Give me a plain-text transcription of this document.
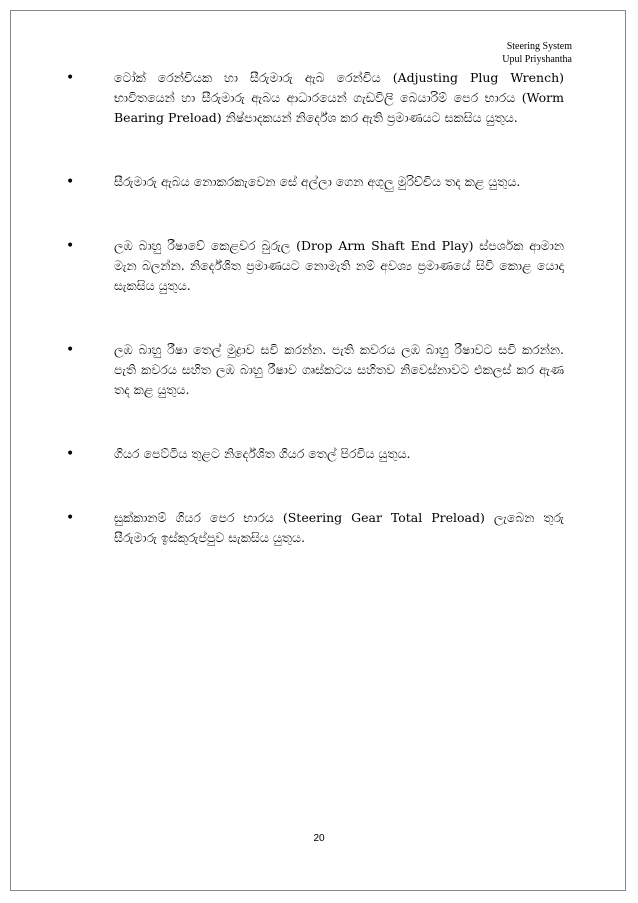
Steering System
Upul Priyshantha
•	ටෝක් රෙන්චියක හා සීරුමාරු ඇබ රෙන්චිය (Adjusting Plug Wrench) භාවිතයෙන් හා සීරුමාරු ඇබය ආධාරයෙන් ගැඩවිලි බෙයාරිම් පෙර භාරය (Worm Bearing Preload) නිෂ්පාදකයන් නිර්දේශ කර ඇති ප්‍රමාණයට සකසිය යුතුය.

•	සීරුමාරු ඇබය නොකරකැවෙන සේ අල්ලා ගෙන අගුලු මුරිච්චිය තද කළ යුතුය.

•	ලඹ බාහු රීෂාවේ කෙළවර බුරුල (Drop Arm Shaft End Play) ස්පර්ශක ආමාන මැන බලන්න. නිර්දේශිත ප්‍රමාණයට නොමැති නම් අවශ්‍ය ප්‍රමාණයේ සිවි කොළ යොදා සැකසිය යුතුය.

•	ලඹ බාහු රීෂා තෙල් මුද්‍රාව සවි කරන්න. පැති කවරය ලඹ බාහු රීෂාවට සවි කරන්න. පැති කවරය සහිත ලඹ බාහු රීෂාව ගෘස්කටය සහිතව නිවෙස්නාවට එකලස් කර ඇණ තද කළ යුතුය.

•	ගියර පෙට්ටිය තුළට නිර්දේශිත ගියර තෙල් පිරවිය යුතුය.

•	සුක්කානම් ගියර පෙර භාරය (Steering Gear Total Preload) ලැබෙන තුරු සීරුමාරු ඉස්කුරුප්පුව සැකසිය යුතුය.

20
